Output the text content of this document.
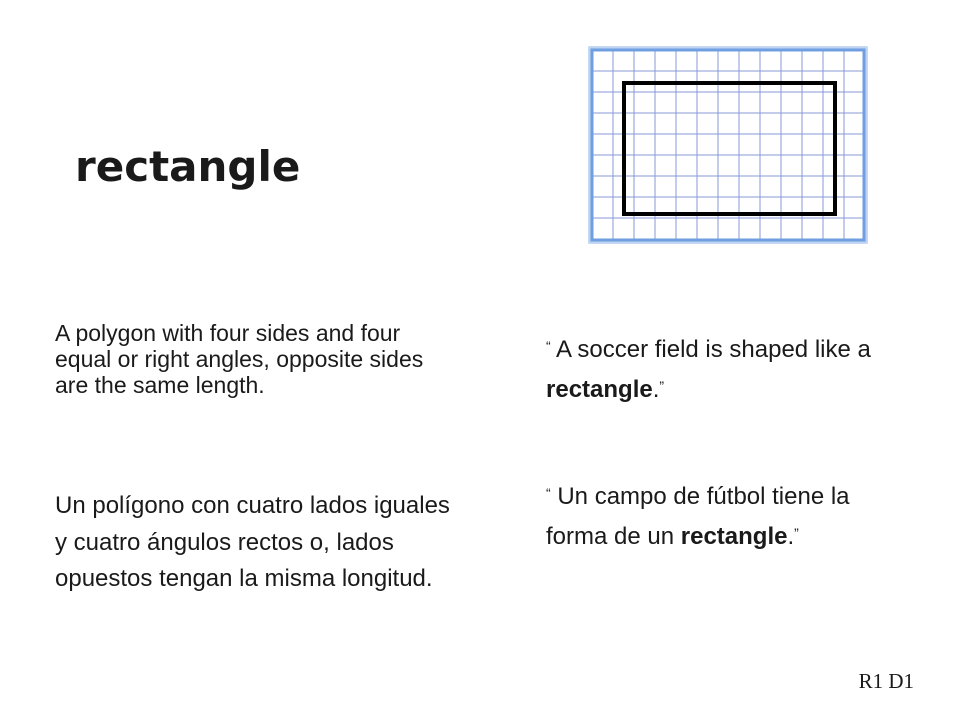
rectangle

A polygon with four sides and four equal or right angles, opposite sides are the same length.

Un polígono con cuatro lados iguales y cuatro ángulos rectos o, lados opuestos tengan la misma longitud.

“ A soccer field is shaped like a rectangle.”

“ Un campo de fútbol tiene la forma de un rectangle.”

R1 D1
